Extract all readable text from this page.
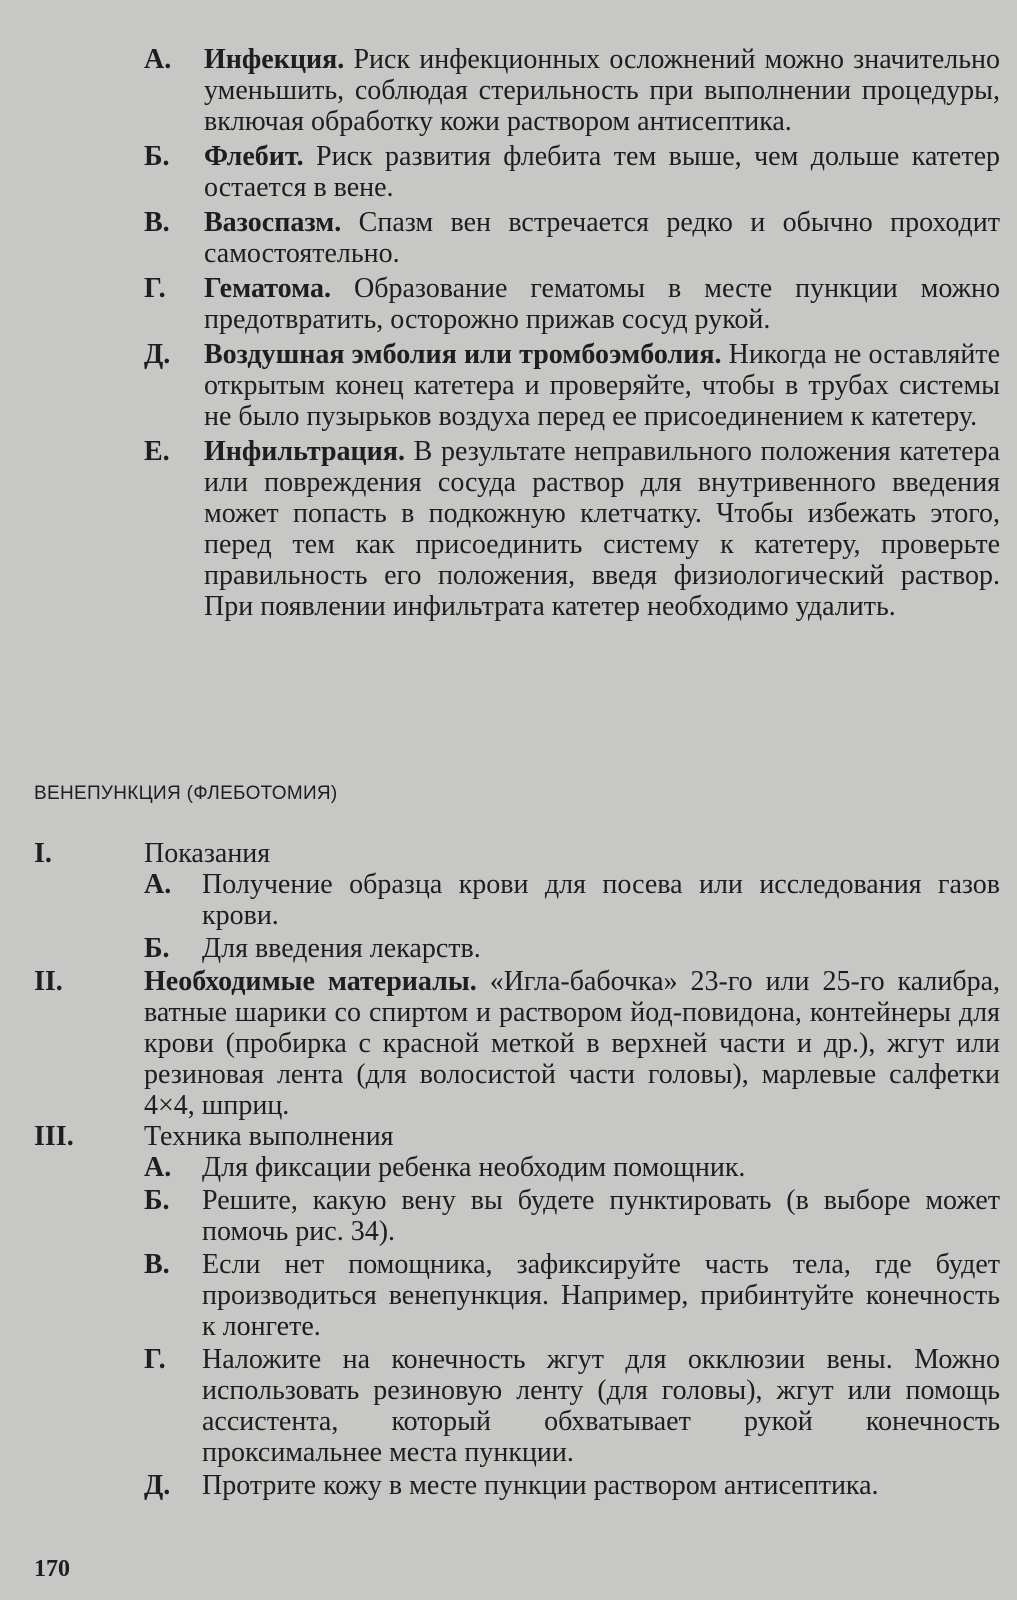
А.	Инфекция. Риск инфекционных осложнений можно значительно уменьшить, соблюдая стерильность при выполнении процедуры, включая обработку кожи раствором антисептика.
Б.	Флебит. Риск развития флебита тем выше, чем дольше катетер остается в вене.
В.	Вазоспазм. Спазм вен встречается редко и обычно проходит самостоятельно.
Г.	Гематома. Образование гематомы в месте пункции можно предотвратить, осторожно прижав сосуд рукой.
Д.	Воздушная эмболия или тромбоэмболия. Никогда не оставляйте открытым конец катетера и проверяйте, чтобы в трубах системы не было пузырьков воздуха перед ее присоединением к катетеру.
Е.	Инфильтрация. В результате неправильного положения катетера или повреждения сосуда раствор для внутривенного введения может попасть в подкожную клетчатку. Чтобы избежать этого, перед тем как присоединить систему к катетеру, проверьте правильность его положения, введя физиологический раствор. При появлении инфильтрата катетер необходимо удалить.
ВЕНЕПУНКЦИЯ (ФЛЕБОТОМИЯ)
I.	Показания
А.	Получение образца крови для посева или исследования газов крови.
Б.	Для введения лекарств.
II.	Необходимые материалы. «Игла-бабочка» 23-го или 25-го калибра, ватные шарики со спиртом и раствором йод-повидона, контейнеры для крови (пробирка с красной меткой в верхней части и др.), жгут или резиновая лента (для волосистой части головы), марлевые салфетки 4×4, шприц.
III.	Техника выполнения
А.	Для фиксации ребенка необходим помощник.
Б.	Решите, какую вену вы будете пунктировать (в выборе может помочь рис. 34).
В.	Если нет помощника, зафиксируйте часть тела, где будет производиться венепункция. Например, прибинтуйте конечность к лонгете.
Г.	Наложите на конечность жгут для окклюзии вены. Можно использовать резиновую ленту (для головы), жгут или помощь ассистента, который обхватывает рукой конечность проксимальнее места пункции.
Д.	Протрите кожу в месте пункции раствором антисептика.
170
